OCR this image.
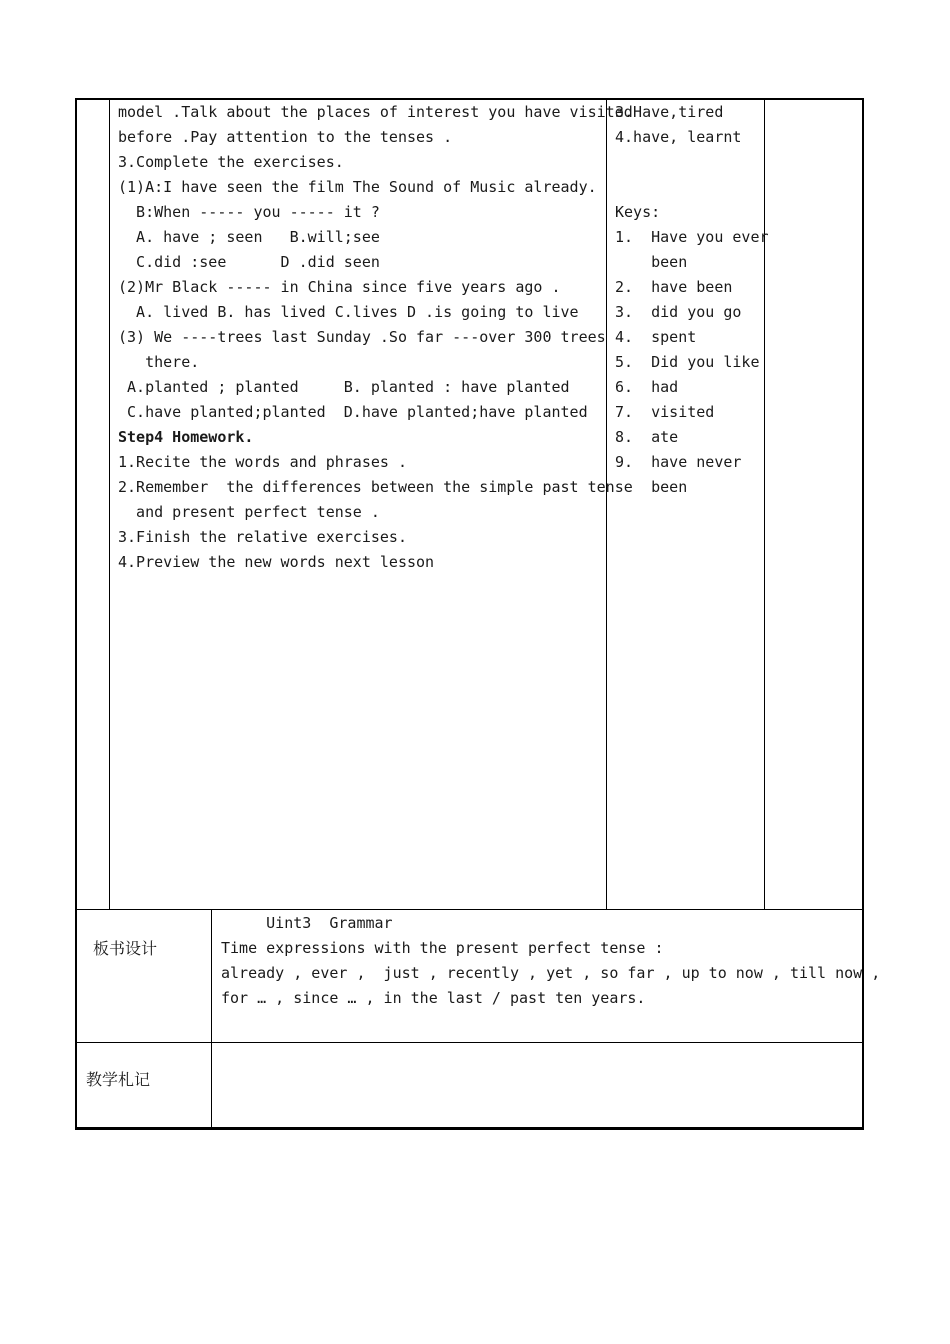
model .Talk about the places of interest you have visited
before .Pay attention to the tenses .
3.Complete the exercises.
(1)A:I have seen the film The Sound of Music already.
B:When ----- you ----- it ?
A. have ; seen   B.will;see
C.did :see      D .did seen
(2)Mr Black ----- in China since five years ago .
A. lived B. has lived C.lives D .is going to live
(3) We ----trees last Sunday .So far ---over 300 trees
there.
A.planted ; planted     B. planted : have planted
C.have planted;planted  D.have planted;have planted
Step4 Homework.
1.Recite the words and phrases .
2.Remember  the differences between the simple past tense
and present perfect tense .
3.Finish the relative exercises.
4.Preview the new words next lesson
3.Have,tired
4.have, learnt
Keys:
1.  Have you ever
been
2.  have been
3.  did you go
4.  spent
5.  Did you like
6.  had
7.  visited
8.  ate
9.  have never
been
板书设计
Uint3  Grammar
Time expressions with the present perfect tense :
already , ever ,  just , recently , yet , so far , up to now , till now ,
for … , since … , in the last / past ten years.
教学札记
